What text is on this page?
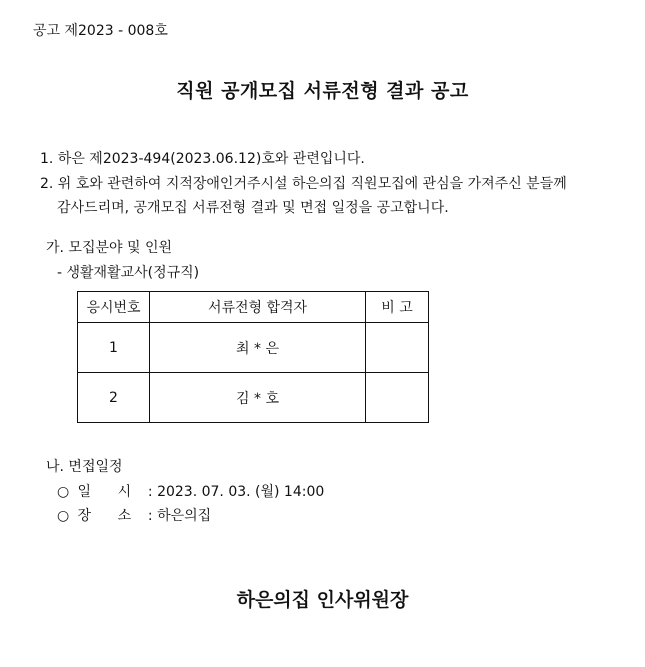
공고 제2023 - 008호
직원 공개모집 서류전형 결과 공고
1. 하은 제2023-494(2023.06.12)호와 관련입니다.
2. 위 호와 관련하여 지적장애인거주시설 하은의집 직원모집에 관심을 가져주신 분들께
감사드리며, 공개모집 서류전형 결과 및 면접 일정을 공고합니다.
가. 모집분야 및 인원
- 생활재활교사(정규직)
응시번호	서류전형 합격자	비 고
1	최 * 은	
2	김 * 호	
나. 면접일정
○ 일      시 : 2023. 07. 03. (월) 14:00
○ 장      소 : 하은의집
하은의집 인사위원장
